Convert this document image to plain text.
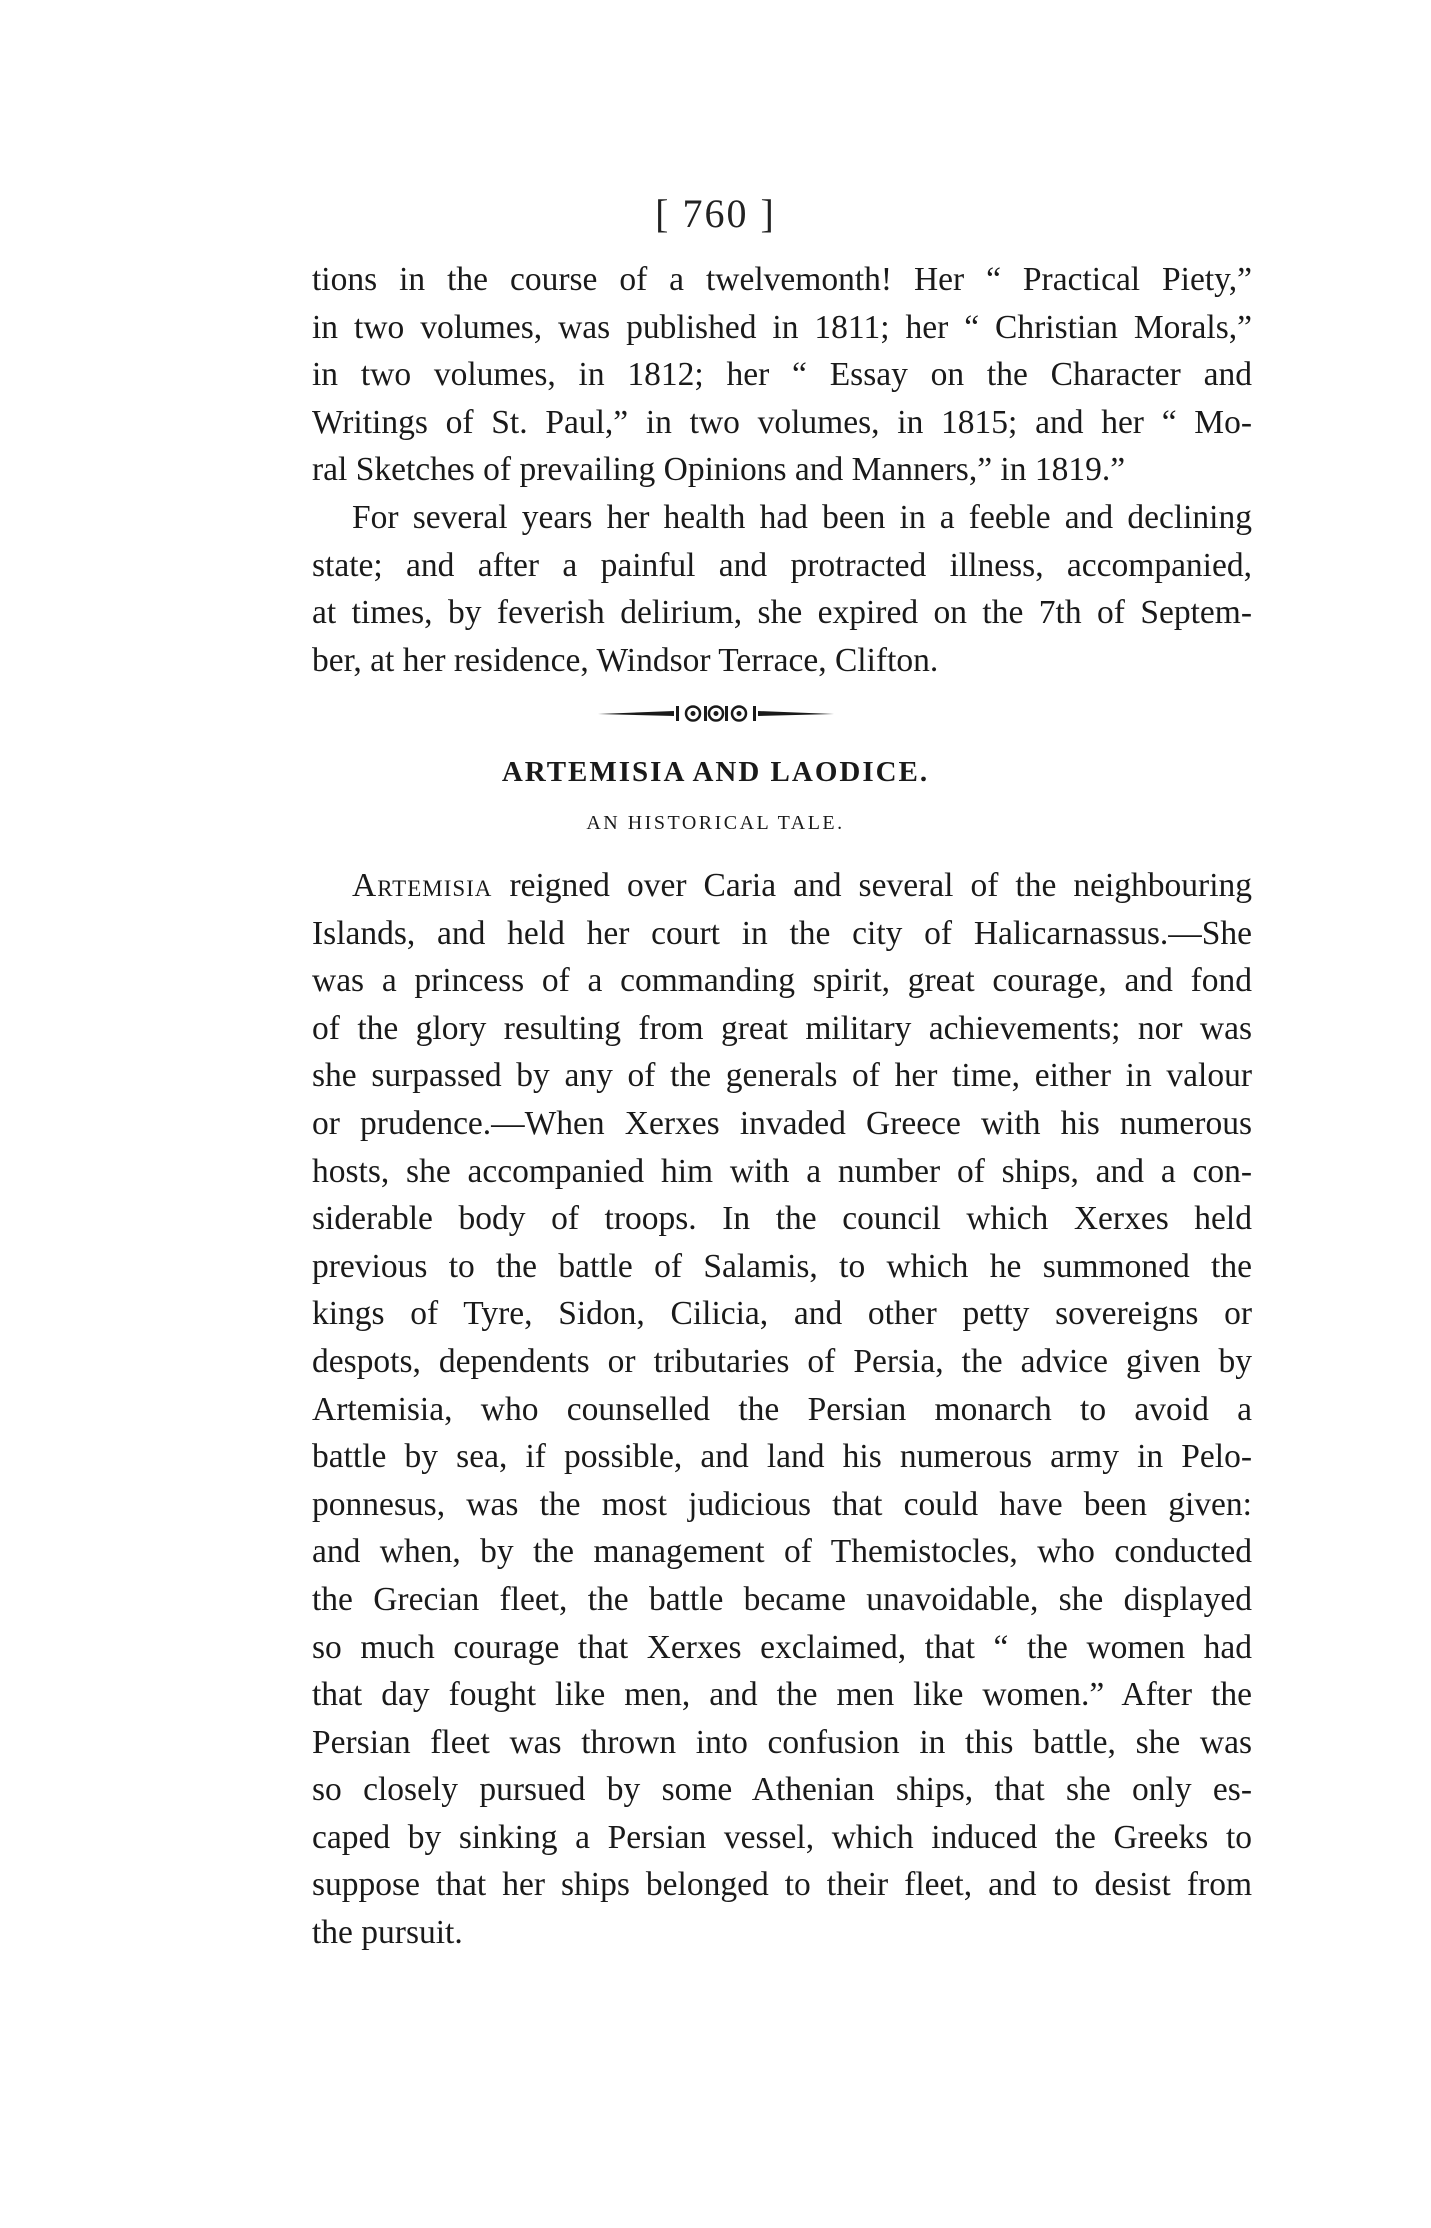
[ 760 ]
tions in the course of a twelvemonth! Her “ Practical Piety,”
in two volumes, was published in 1811; her “ Christian Morals,”
in two volumes, in 1812; her “ Essay on the Character and
Writings of St. Paul,” in two volumes, in 1815; and her “ Mo-
ral Sketches of prevailing Opinions and Manners,” in 1819.”
For several years her health had been in a feeble and declining
state; and after a painful and protracted illness, accompanied,
at times, by feverish delirium, she expired on the 7th of Septem-
ber, at her residence, Windsor Terrace, Clifton.
ARTEMISIA AND LAODICE.
AN HISTORICAL TALE.
Artemisia reigned over Caria and several of the neighbouring
Islands, and held her court in the city of Halicarnassus.—She
was a princess of a commanding spirit, great courage, and fond
of the glory resulting from great military achievements; nor was
she surpassed by any of the generals of her time, either in valour
or prudence.—When Xerxes invaded Greece with his numerous
hosts, she accompanied him with a number of ships, and a con-
siderable body of troops. In the council which Xerxes held
previous to the battle of Salamis, to which he summoned the
kings of Tyre, Sidon, Cilicia, and other petty sovereigns or
despots, dependents or tributaries of Persia, the advice given by
Artemisia, who counselled the Persian monarch to avoid a
battle by sea, if possible, and land his numerous army in Pelo-
ponnesus, was the most judicious that could have been given:
and when, by the management of Themistocles, who conducted
the Grecian fleet, the battle became unavoidable, she displayed
so much courage that Xerxes exclaimed, that “ the women had
that day fought like men, and the men like women.” After the
Persian fleet was thrown into confusion in this battle, she was
so closely pursued by some Athenian ships, that she only es-
caped by sinking a Persian vessel, which induced the Greeks to
suppose that her ships belonged to their fleet, and to desist from
the pursuit.
